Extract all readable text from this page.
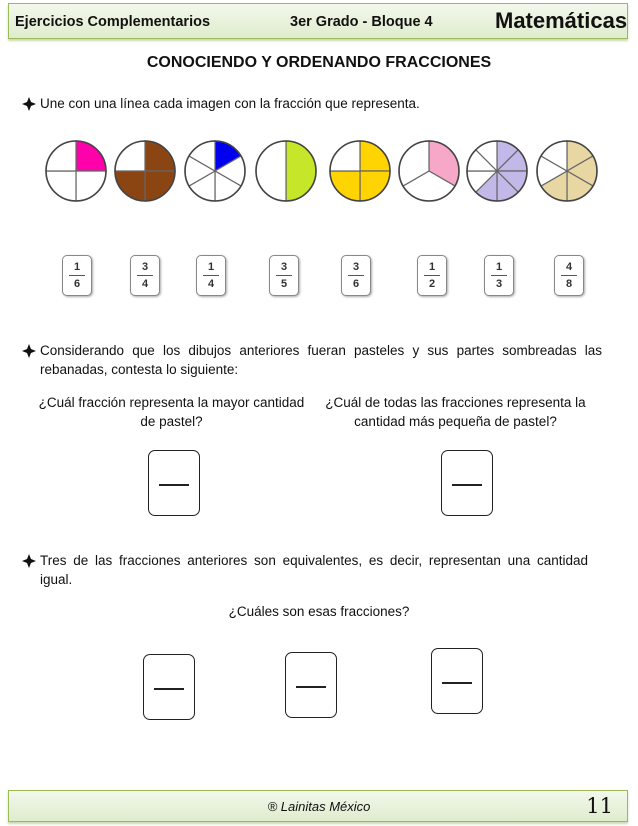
Ejercicios Complementarios	3er Grado - Bloque 4	Matemáticas
CONOCIENDO Y ORDENANDO FRACCIONES
Une con una línea cada imagen con la fracción que representa.
1
6
3
4
1
4
3
5
3
6
1
2
1
3
4
8
Considerando que los dibujos anteriores fueran pasteles y sus partes sombreadas las rebanadas, contesta lo siguiente:
¿Cuál fracción representa la mayor cantidad de pastel?
¿Cuál de todas las fracciones representa la cantidad más pequeña de pastel?
Tres de las fracciones anteriores son equivalentes, es decir, representan una cantidad igual.
¿Cuáles son esas fracciones?
® Lainitas México	11
